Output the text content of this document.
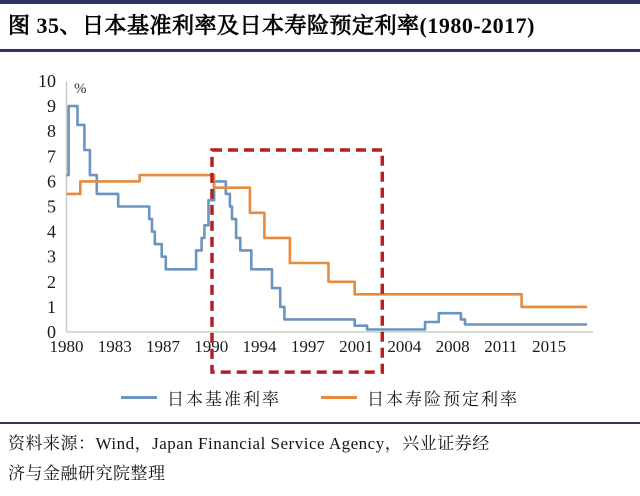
图 35、日本基准利率及日本寿险预定利率(1980-2017)
0
1
2
3
4
5
6
7
8
9
10
1980 1983 1987 1990 1994 1997 2001 2004 2008 2011 2015
%
日本基准利率	日本寿险预定利率
资料来源：Wind，Japan Financial Service Agency，兴业证券经
济与金融研究院整理
